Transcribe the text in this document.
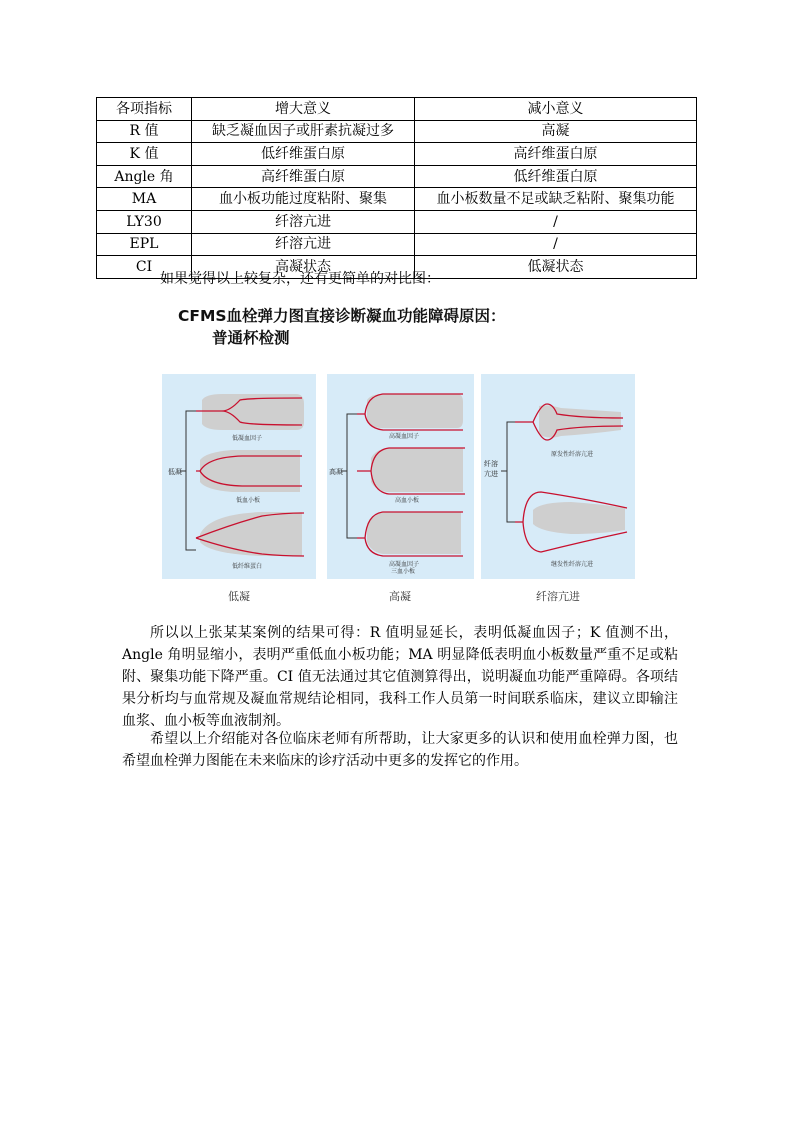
各项指标	增大意义	减小意义
R 值	缺乏凝血因子或肝素抗凝过多	高凝
K 值	低纤维蛋白原	高纤维蛋白原
Angle 角	高纤维蛋白原	低纤维蛋白原
MA	血小板功能过度粘附、聚集	血小板数量不足或缺乏粘附、聚集功能
LY30	纤溶亢进	/
EPL	纤溶亢进	/
CI	高凝状态	低凝状态
如果觉得以上较复杂，还有更简单的对比图：
CFMS血栓弹力图直接诊断凝血功能障碍原因：
普通杯检测
低凝
低凝血因子
低血小板
低纤维蛋白
低凝
高凝
高凝血因子
高血小板
高凝血因子
三血小板
高凝
纤溶
亢进
原发性纤溶亢进
继发性纤溶亢进
纤溶亢进

所以以上张某某案例的结果可得：R 值明显延长，表明低凝血因子；K 值测不出，Angle 角明显缩小，表明严重低血小板功能；MA 明显降低表明血小板数量严重不足或粘附、聚集功能下降严重。CI 值无法通过其它值测算得出，说明凝血功能严重障碍。各项结果分析均与血常规及凝血常规结论相同，我科工作人员第一时间联系临床，建议立即输注血浆、血小板等血液制剂。

希望以上介绍能对各位临床老师有所帮助，让大家更多的认识和使用血栓弹力图，也希望血栓弹力图能在未来临床的诊疗活动中更多的发挥它的作用。
